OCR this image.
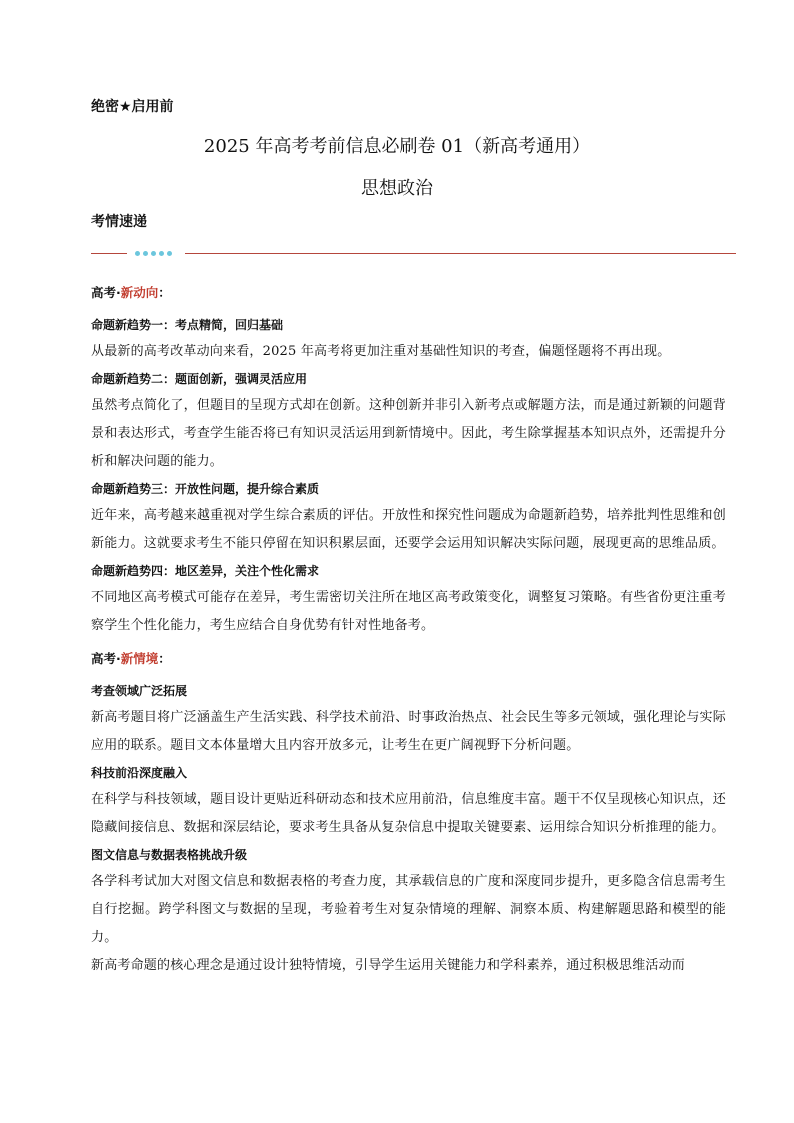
绝密★启用前
2025 年高考考前信息必刷卷 01（新高考通用）
思想政治
考情速递
高考·新动向：
命题新趋势一：考点精简，回归基础
从最新的高考改革动向来看，2025 年高考将更加注重对基础性知识的考查，偏题怪题将不再出现。
命题新趋势二：题面创新，强调灵活应用
虽然考点简化了，但题目的呈现方式却在创新。这种创新并非引入新考点或解题方法，而是通过新颖的问题背景和表达形式，考查学生能否将已有知识灵活运用到新情境中。因此，考生除掌握基本知识点外，还需提升分析和解决问题的能力。
命题新趋势三：开放性问题，提升综合素质
近年来，高考越来越重视对学生综合素质的评估。开放性和探究性问题成为命题新趋势，培养批判性思维和创新能力。这就要求考生不能只停留在知识积累层面，还要学会运用知识解决实际问题，展现更高的思维品质。
命题新趋势四：地区差异，关注个性化需求
不同地区高考模式可能存在差异，考生需密切关注所在地区高考政策变化，调整复习策略。有些省份更注重考察学生个性化能力，考生应结合自身优势有针对性地备考。
高考·新情境：
考查领域广泛拓展
新高考题目将广泛涵盖生产生活实践、科学技术前沿、时事政治热点、社会民生等多元领域，强化理论与实际应用的联系。题目文本体量增大且内容开放多元，让考生在更广阔视野下分析问题。
科技前沿深度融入
在科学与科技领域，题目设计更贴近科研动态和技术应用前沿，信息维度丰富。题干不仅呈现核心知识点，还隐藏间接信息、数据和深层结论，要求考生具备从复杂信息中提取关键要素、运用综合知识分析推理的能力。
图文信息与数据表格挑战升级
各学科考试加大对图文信息和数据表格的考查力度，其承载信息的广度和深度同步提升，更多隐含信息需考生自行挖掘。跨学科图文与数据的呈现，考验着考生对复杂情境的理解、洞察本质、构建解题思路和模型的能力。
新高考命题的核心理念是通过设计独特情境，引导学生运用关键能力和学科素养，通过积极思维活动而
